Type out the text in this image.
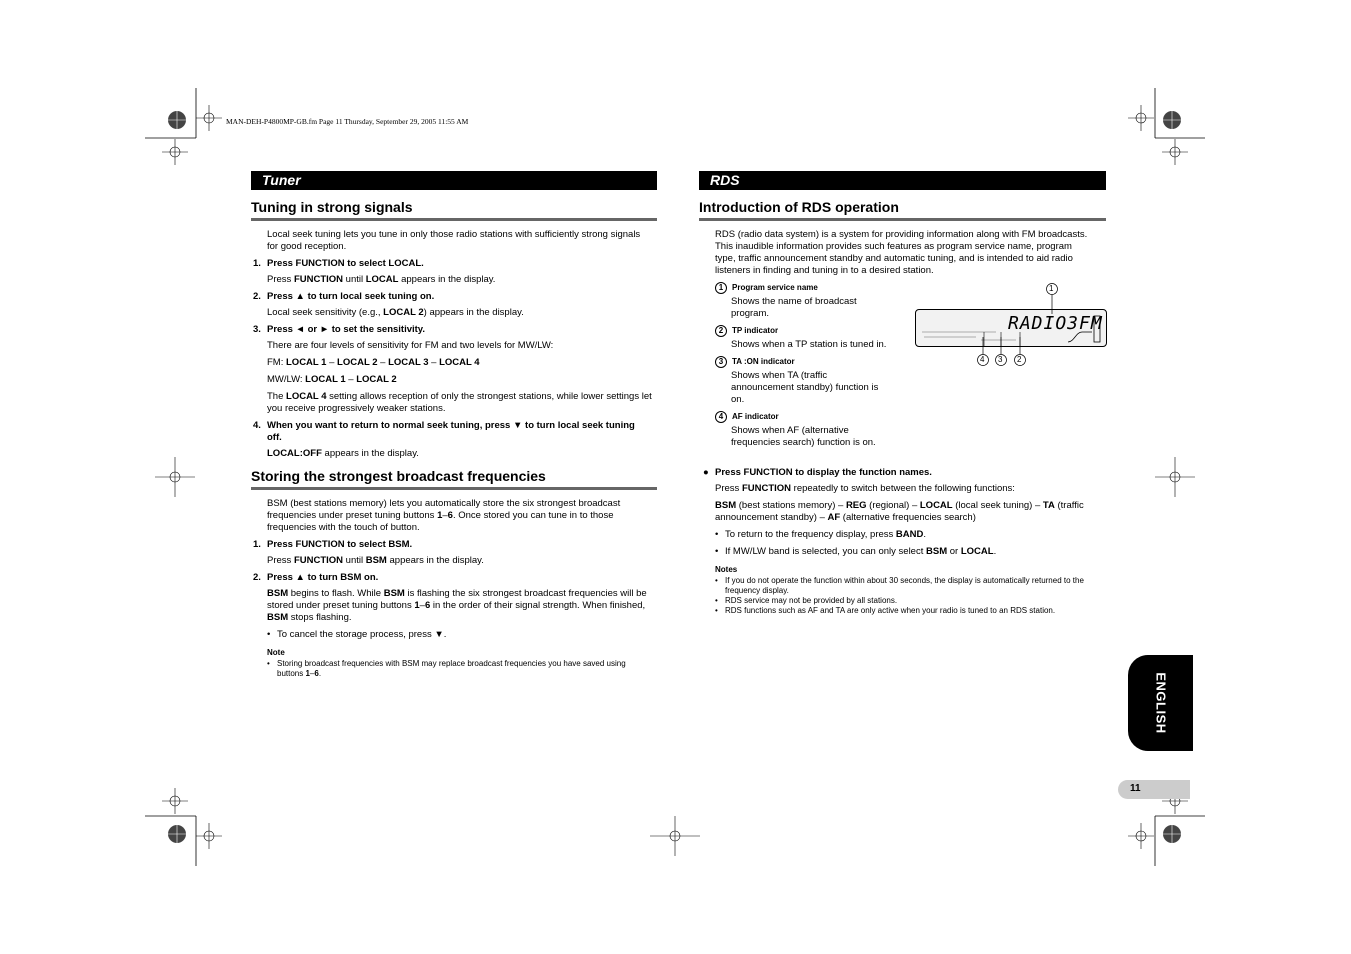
MAN-DEH-P4800MP-GB.fm Page 11 Thursday, September 29, 2005 11:55 AM
Tuner
Tuning in strong signals

Local seek tuning lets you tune in only those radio stations with sufficiently strong signals for good reception.

1. Press FUNCTION to select LOCAL.

Press FUNCTION until LOCAL appears in the display.

2. Press ▲ to turn local seek tuning on.

Local seek sensitivity (e.g., LOCAL 2) appears in the display.

3. Press ◄ or ► to set the sensitivity.

There are four levels of sensitivity for FM and two levels for MW/LW:

FM: LOCAL 1 – LOCAL 2 – LOCAL 3 – LOCAL 4

MW/LW: LOCAL 1 – LOCAL 2

The LOCAL 4 setting allows reception of only the strongest stations, while lower settings let you receive progressively weaker stations.

4. When you want to return to normal seek tuning, press ▼ to turn local seek tuning off.

LOCAL:OFF appears in the display.

Storing the strongest broadcast frequencies

BSM (best stations memory) lets you automatically store the six strongest broadcast frequencies under preset tuning buttons 1–6. Once stored you can tune in to those frequencies with the touch of button.

1. Press FUNCTION to select BSM.

Press FUNCTION until BSM appears in the display.

2. Press ▲ to turn BSM on.

BSM begins to flash. While BSM is flashing the six strongest broadcast frequencies will be stored under preset tuning buttons 1–6 in the order of their signal strength. When finished, BSM stops flashing.

• To cancel the storage process, press ▼.

Note

• Storing broadcast frequencies with BSM may replace broadcast frequencies you have saved using buttons 1–6.

RDS
Introduction of RDS operation
RDS (radio data system) is a system for providing information along with FM broadcasts. This inaudible information provides such features as program service name, program type, traffic announcement standby and automatic tuning, and is intended to aid radio listeners in finding and tuning in to a desired station.
1 Program service name

Shows the name of broadcast program.

2 TP indicator

Shows when a TP station is tuned in.

3 TA :ON indicator

Shows when TA (traffic announcement standby) function is on.

4 AF indicator

Shows when AF (alternative frequencies search) function is on.

RADIO3FM
1
4 3 2
● Press FUNCTION to display the function names.

Press FUNCTION repeatedly to switch between the following functions:

BSM (best stations memory) – REG (regional) – LOCAL (local seek tuning) – TA (traffic announcement standby) – AF (alternative frequencies search)

• To return to the frequency display, press BAND.

• If MW/LW band is selected, you can only select BSM or LOCAL.

Notes

• If you do not operate the function within about 30 seconds, the display is automatically returned to the frequency display.

• RDS service may not be provided by all stations.

• RDS functions such as AF and TA are only active when your radio is tuned to an RDS station.

ENGLISH
11
